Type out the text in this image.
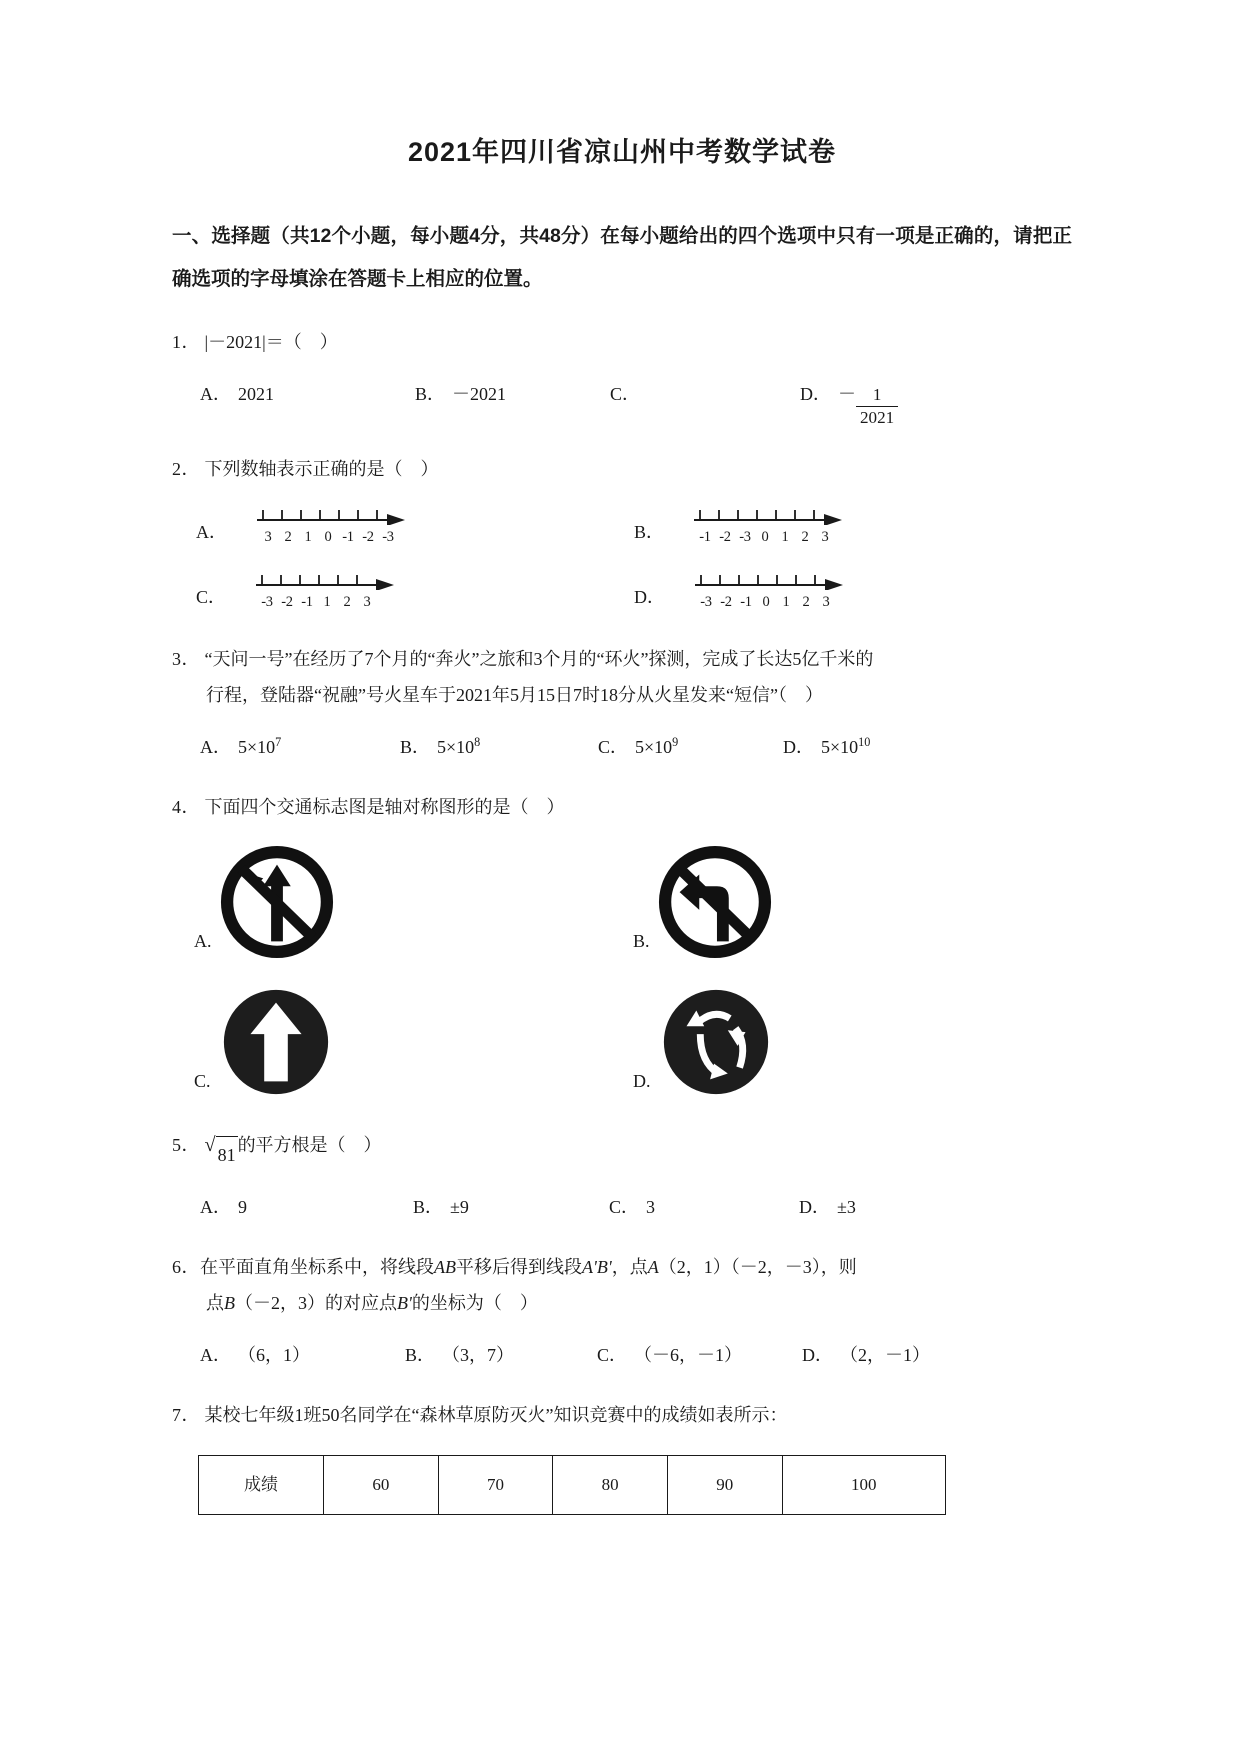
2021年四川省凉山州中考数学试卷
一、选择题（共12个小题，每小题4分，共48分）在每小题给出的四个选项中只有一项是正确的，请把正确选项的字母填涂在答题卡上相应的位置。
1． |－2021|＝（　）
A． 2021	B． －2021	C．	D． － $\frac{1}{2021}$
2． 下列数轴表示正确的是（　）
A．	3 2 1 0 -1 -2 -3	B． -1 -2 -3 0 1 2 3
C． -3 -2 -1 1 2 3	D． -3 -2 -1 0 1 2 3
3． “天问一号”在经历了7个月的“奔火”之旅和3个月的“环火”探测，完成了长达5亿千米的
行程，登陆器“祝融”号火星车于2021年5月15日7时18分从火星发来“短信”（　）
A． $5\times 10^7$	B． $5\times 10^8$	C． $5\times 10^9$	D． $5\times 10^{10}$
4． 下面四个交通标志图是轴对称图形的是（　）
A.	B.
C.	D.
5． √ 81 的平方根是（　）
A． 9	B． ±9	C． 3	D． ±3
6．在平面直角坐标系中，将线段AB平移后得到线段A'B'，点A（2，1）（－2，－3），则
点B（－2，3）的对应点B'的坐标为（　）
A． （6，1）	B． （3，7）	C． （－6，－1）	D． （2，－1）
7． 某校七年级1班50名同学在“森林草原防灭火”知识竞赛中的成绩如表所示：
成绩	60	70	80	90	100
